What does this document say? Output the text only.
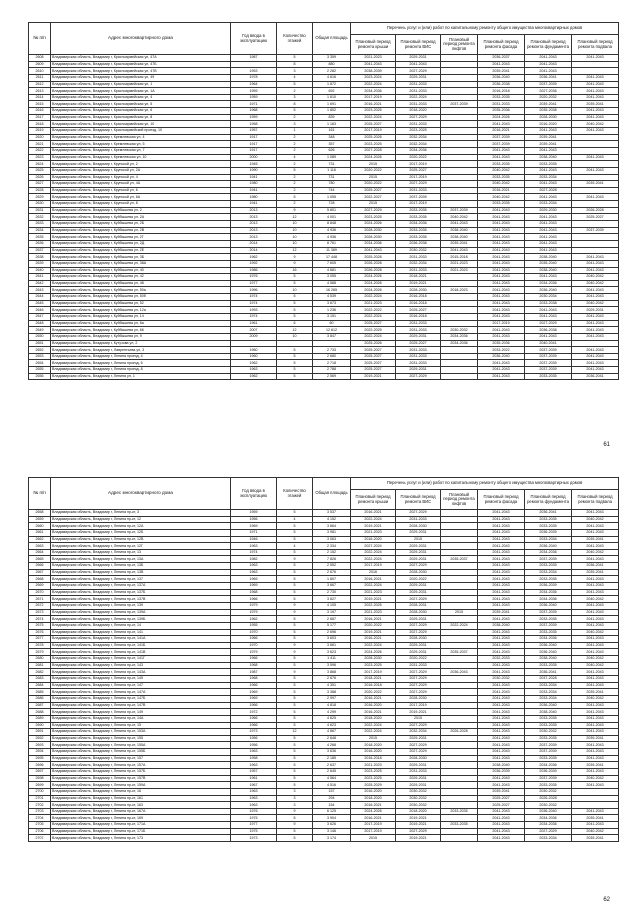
№ п/п	Адрес многоквартирного дома	Год ввода в эксплуатацию	Количество этажей	Общая площадь	Перечень услуг и (или) работ по капитальному ремонту общего имущества многоквартирных домов					
					Плановый период ремонта крыши	Плановый период ремонта ВИС	Плановый период ремонта лифтов	Плановый период ремонта фасада	Плановый период ремонта фундамента	Плановый период ремонта подвала
2608	Владимирская область, Владимир г, Красноармейская ул, 47А	1987	5	3 359	2021-2023	2029-2031		2036-2037	2041-2043	2041-2043
2609	Владимирская область, Владимир г, Красноармейская ул, 47Б		8	880	2041-2043	2041-2043		2041-2043	2041-2043	
2610	Владимирская область, Владимир г, Красноармейская ул, 47В	1953	3	2 282	2038-2039	2027-2029		2039-2041	2041-2043	
2611	Владимирская область, Владимир г, Красноармейская ул, 49	1978	4	4 616	2023-2024	2029-2031		2036-2040	2036-2041	2041-2043
2612	Владимирская область, Владимир г, Красноармейская ул, 1	1964	5	1 872	2022-2024	2031-2033		2036-2038	2037-2039	2041-2043
2613	Владимирская область, Владимир г, Красноармейская ул, 1А	1959	2	692	2034-2036	2031-2033		2016-2018	2027-2036	2041-2043
2614	Владимирская область, Владимир г, Красноармейская ул, 4	1959	3	1 610	2017-2019	2022-2024		2033-2035	2020-2032	2041-2043
2615	Владимирская область, Владимир г, Красноармейская ул, 5	1971	8	1 691	2016-2021	2031-2033	2037-2039	2031-2033	2039-2041	2039-2041
2616	Владимирская область, Владимир г, Красноармейская ул, 6	1968	5	1 852	2023-2025	2018-2020		2035-2036	2035-2038	2041-2043
2617	Владимирская область, Владимир г, Красноармейская ул, 8	1959	2	839	2022-2024	2027-2029		2024-2026	2028-2030	2041-2043
2618	Владимирская область, Владимир г, Красноармейская ул, 10	1958	3	1 163	2025-2027	2031-2033		2041-2043	2016-2020	2040-2042
2619	Владимирская область, Владимир г, Красноармейский проезд, 10	1957	1	161	2017-2019	2023-2025		2016-2021	2041-2043	2041-2043
2620	Владимирская область, Владимир г, Кремлевская ул, 4	1917	2	348	2025-2026	2032-2034		2037-2039	2039-2041	
2621	Владимирская область, Владимир г, Кремлевская ул, 5	1917	2	357	2023-2025	2032-2034		2037-2039	2039-2041	
2622	Владимирская область, Владимир г, Кремлевская ул, 7	1917	2	626	2027-2028	2034-2036		2041-2043	2041-2043	
2623	Владимирская область, Владимир г, Кремлевская ул, 10	2000	4	1 089	2024-2026	2020-2022		2041-2043	2038-2040	2041-2043
2624	Владимирская область, Владимир г, Крупской ул, 2	1945	2	731	2015	2017-2019		2033-2035	2033-2035	
2625	Владимирская область, Владимир г, Крупской ул, 2А	1990	5	1 116	2020-2022	2025-2027		2040-2042	2041-2043	2041-2043
2626	Владимирская область, Владимир г, Крупской ул, 4	1941	2	731	2015	2017-2019		2033-2035	2033-2034	
2627	Владимирская область, Владимир г, Крупской ул, 4А	1980	2	780	2020-2022	2027-2029		2040-2042	2041-2043	2039-2041
2628	Владимирская область, Владимир г, Крупской ул, 6	1941	2	744	2025-2027	2031-2033		2016-2021	2027-2028	
2629	Владимирская область, Владимир г, Крупской ул, 6А	1980	5	1 055	2022-2027	2037-2039		2040-2042	2041-2043	2041-2043
2630	Владимирская область, Владимир г, Крупской ул, 8	1941	2	728	2015	2017-2019		2033-2035	2033-2034	
2631	Владимирская область, Владимир г, Куйбышева ул, 2	2013	9	5 801	2027-2029	2033-2035	2037-2039	2041-2043	2029-2030	2026-2028
2632	Владимирская область, Владимир г, Куйбышева ул, 2А	2013	12	4 001	2023-2025	2033-2035	2040-2042	2041-2043	2041-2043	2025-2027
2633	Владимирская область, Владимир г, Куйбышева ул, 2Б	2013	10	8 848	2024-2026	2034-2036	2041-2043	2041-2043	2041-2043	
2634	Владимирская область, Владимир г, Куйбышева ул, 2В	2013	10	4 936	2028-2030	2033-2035	2038-2040	2041-2043	2041-2043	2037-2039
2635	Владимирская область, Владимир г, Куйбышева ул, 2Г	2013	10	4 936	2028-2030	2033-2035	2038-2040	2041-2043	2041-2043	
2636	Владимирская область, Владимир г, Куйбышева ул, 2Д	2014	10	8 761	2034-2036	2036-2038	2039-2041	2041-2043	2041-2043	
2637	Владимирская область, Владимир г, Куйбышева ул, 2Е	2014	12	11 389	2041-2043	2030-2032	2041-2043	2041-2043	2041-2043	
2638	Владимирская область, Владимир г, Куйбышева ул, 3Б	1962	9	17 448	2025-2028	2031-2033	2015-2018	2041-2043	2038-2040	2041-2043
2639	Владимирская область, Владимир г, Куйбышева ул, 38А	1992	9	7 605	2026-2028	2032-2034	2021-2023	2041-2043	2035-2040	2041-2043
2640	Владимирская область, Владимир г, Куйбышева ул, 40	1986	16	4 681	2026-2028	2031-2033	2021-2023	2041-2043	2038-2040	2041-2043
2641	Владимирская область, Владимир г, Куйбышева ул, 42	1976	5	3 055	2024-2026	2018-2021		2041-2043	2041-2043	2040-2042
2642	Владимирская область, Владимир г, Куйбышева ул, 48	1977	5	4 588	2024-2026	2019-2021		2041-2043	2034-2036	2040-2042
2643	Владимирская область, Владимир г, Куйбышева ул, 50а	1996	10	16 265	2024-2026	2028-2030	2018-2023	2041-2043	2036-2040	2041-2043
2644	Владимирская область, Владимир г, Куйбышева ул, 50б	1974	5	4 539	2022-2024	2016-2018		2041-2043	2030-2034	2041-2043
2645	Владимирская область, Владимир г, Куйбышева ул, 52	1974	5	3 673	2021-2023	2016-2018		2041-2043	2033-2038	2040-2042
2646	Владимирская область, Владимир г, Куйбышева ул, 12а	1993	5	1 236	2022-2022	2025-2027		2041-2043	2041-2043	2029-2031
2647	Владимирская область, Владимир г, Куйбышева ул, 14	1974	5	3 151	2022-2024	2016-2018		2041-2043	2041-2043	2041-2043
2648	Владимирская область, Владимир г, Куйбышева ул, 6а	1961	6	60	2025-2027	2031-2033		2017-2019	2027-2029	2041-2043
2649	Владимирская область, Владимир г, Куйбышева ул, 66	2007	12	12 612	2022-2025	2031-2033	2030-2032	2041-2043	2036-2038	2041-2043
2650	Владимирская область, Владимир г, Куйбышева ул, 9	2009	10	3 847	2022-2024	2029-2031	2034-2036	2041-2043	2041-2043	2041-2043
2651	Владимирская область, Владимир г, Кутузова ул, 2				2025-2026	2025-2027	2034-2036	2035-2036	2040-2041	
2652	Владимирская область, Владимир г, Лаврентьева ул, 3	1960	5	2 733	2025-2027	2031-2033		2033-2022	2037-2039	2041-2043
2653	Владимирская область, Владимир г, Ленина проезд, 4	1960	5	2 680	2025-2027	2031-2033		2036-2040	2037-2039	2041-2043
2654	Владимирская область, Владимир г, Ленина проезд, 6	1962	5	2 718	2025-2027	2031-2033		2041-2043	2037-2039	2041-2043
2655	Владимирская область, Владимир г, Ленина проезд, 8	1963	5	2 788	2025-2027	2029-2031		2041-2043	2037-2039	2041-2043
2656	Владимирская область, Владимир г, Ленина ул, 1	1962	5	2 569	2019-2021	2027-2029		2041-2043	2033-2035	2036-2041
61
№ п/п	Адрес многоквартирного дома	Год ввода в эксплуатацию	Количество этажей	Общая площадь	Перечень услуг и (или) работ по капитальному ремонту общего имущества многоквартирных домов					
					Плановый период ремонта крыши	Плановый период ремонта ВИС	Плановый период ремонта лифтов	Плановый период ремонта фасада	Плановый период ремонта фундамента	Плановый период ремонта подвала
2658	Владимирская область, Владимир г, Ленина пр-кт, 3	1959	5	3 537	2016-2021	2027-2029		2041-2043	2036-2041	2041-2043
2659	Владимирская область, Владимир г, Ленина пр-кт, 12	1956	4	4 152	2022-2024	2031-2033		2041-2043	2033-2035	2040-2042
2660	Владимирская область, Владимир г, Ленина пр-кт, 12А	1969	5	3 664	2019-2021	2028-2030		2041-2043	2033-2035	2041-2043
2661	Владимирская область, Владимир г, Ленина пр-кт, 12Б	1971	5	3 981	2021-2023	2029-2031		2041-2043	2036-2039	2041-2043
2662	Владимирская область, Владимир г, Ленина пр-кт, 12В	1946	5	3 063	2016-2020	2015		2041-2043	2033-2034	2039-2041
2663	Владимирская область, Владимир г, Ленина пр-кт, 12Г	1963	4	2 334	2027-2024	2029-2031		2041-2043	2036-2040	2041-2043
2664	Владимирская область, Владимир г, Ленина пр-кт, 13	1974	5	2 152	2022-2024	2029-2031		2041-2043	2034-2036	2040-2042
2665	Владимирская область, Владимир г, Ленина пр-кт, 13А	1982	9	7 826	2022-2024	2029-2031	2035-2037	2041-2043	2037-2039	2041-2043
2666	Владимирская область, Владимир г, Ленина пр-кт, 13Б	1963	5	2 552	2017-2019	2027-2029		2041-2043	2033-2035	2036-2041
2667	Владимирская область, Владимир г, Ленина пр-кт, 13В	1963	5	2 676	2016	2028-2030		2041-2043	2033-2034	2039-2041
2668	Владимирская область, Владимир г, Ленина пр-кт, 137	1969	5	1 807	2016-2021	2020-2022		2041-2043	2033-2035	2041-2043
2669	Владимирская область, Владимир г, Ленина пр-кт, 137А	1969	5	3 667	2022-2024	2029-2031		2041-2043	2036-2039	2041-2043
2670	Владимирская область, Владимир г, Ленина пр-кт, 137Б	1968	5	2 730	2021-2023	2029-2031		2041-2043	2034-2036	2041-2043
2671	Владимирская область, Владимир г, Ленина пр-кт, 137В	1966	5	3 627	2019-2021	2027-2029		2041-2043	2034-2036	2040-2042
2672	Владимирская область, Владимир г, Ленина пр-кт, 139	1979	9	4 105	2022-2025	2028-2031		2041-2043	2036-2040	2041-2043
2673	Владимирская область, Владимир г, Ленина пр-кт, 139А	1979	9	3 197	2021-2023	2028-2030	2015	2039-2041	2037-2039	2041-2043
2674	Владимирская область, Владимир г, Ленина пр-кт, 139Б	1962	5	2 687	2016-2021	2029-2031		2041-2043	2033-2035	2041-2043
2675	Владимирская область, Владимир г, Ленина пр-кт, 14	1955	5	5 177	2020-2022	2027-2029	2022-2024	2038-2040	2037-2039	2041-2043
2676	Владимирская область, Владимир г, Ленина пр-кт, 141	1970	5	2 696	2019-2021	2027-2029		2041-2043	2033-2035	2040-2042
2677	Владимирская область, Владимир г, Ленина пр-кт, 141А	1966	5	3 603	2016-2021	2028-2030		2041-2043	2034-2036	2041-2043
2678	Владимирская область, Владимир г, Ленина пр-кт, 141Б	1970	9	3 661	2022-2024	2029-2031		2041-2043	2036-2040	2041-2043
2679	Владимирская область, Владимир г, Ленина пр-кт, 141В	1979	9	3 623	2024-2026	2029-2031	2035-2037	2041-2043	2036-2040	2041-2043
2680	Владимирская область, Владимир г, Ленина пр-кт, 141Г	1966	5	1 411	2028-2030	2020-2022		2032-2033	2038-2040	2040-2042
2681	Владимирская область, Владимир г, Ленина пр-кт, 143	1968	5	3 596	2023-2025	2031-2033		2041-2043	2033-2035	2040-2042
2682	Владимирская область, Владимир г, Ленина пр-кт, 143А	1987	9	3 868	2017-2019	2027-2029	2036-2043	2041-2043	2036-2041	2041-2043
2683	Владимирская область, Владимир г, Ленина пр-кт, 145	1968	5	2 676	2018-2021	2027-2029		2030-2032	2037-2028	2041-2043
2684	Владимирская область, Владимир г, Ленина пр-кт, 147	1966	5	4 351	2016-2018	2027-2029		2041-2043	2033-2034	2041-2043
2685	Владимирская область, Владимир г, Ленина пр-кт, 147А	1969	5	3 388	2020-2022	2027-2029		2041-2043	2033-2034	2039-2041
2686	Владимирская область, Владимир г, Ленина пр-кт, 147Б	1969	5	2 997	2016-2021	2028-2030		2041-2043	2033-2034	2040-2042
2687	Владимирская область, Владимир г, Ленина пр-кт, 147В	1966	5	4 818	2016-2020	2017-2019		2041-2043	2036-2040	2041-2043
2688	Владимирская область, Владимир г, Ленина пр-кт, 149	1972	5	4 299	2016-2021	2019-2021		2041-2043	2038-2040	2041-2043
2689	Владимирская область, Владимир г, Ленина пр-кт, 14А	1966	5	4 625	2018-2020	2015		2041-2043	2033-2035	2041-2043
2690	Владимирская область, Владимир г, Ленина пр-кт, 15	1966	5	4 623	2022-2024	2027-2029		2041-2043	2033-2035	2041-2043
2691	Владимирская область, Владимир г, Ленина пр-кт, 153А	1973	12	4 867	2022-2024	2032-2034	2026-2028	2041-2043	2030-2032	2041-2043
2692	Владимирская область, Владимир г, Ленина пр-кт, 155	1956	5	2 648	2015	2029-2031		2041-2043	2033-2035	2039-2041
2693	Владимирская область, Владимир г, Ленина пр-кт, 155А	1956	5	4 268	2018-2020	2027-2029		2041-2043	2037-2039	2041-2043
2694	Владимирская область, Владимир г, Ленина пр-кт, 155Б	1963	5	3 636	2016-2020	2027-2029		2041-2043	2037-2039	2041-2043
2695	Владимирская область, Владимир г, Ленина пр-кт, 157	1958	5	2 185	2016-2018	2028-2030		2041-2043	2033-2035	2041-2043
2696	Владимирская область, Владимир г, Ленина пр-кт, 157А	1963	5	2 637	2021-2023	2029-2031		2038-2040	2034-2036	2039-2041
2697	Владимирская область, Владимир г, Ленина пр-кт, 157Б	1957	5	2 645	2023-2025	2031-2033		2036-2039	2036-2039	2041-2043
2698	Владимирская область, Владимир г, Ленина пр-кт, 157В	1961	5	4 564	2023-2025	2029-2031		2041-2043	2037-2039	2040-2042
2699	Владимирская область, Владимир г, Ленина пр-кт, 159А	1967	5	4 516	2025-2029	2029-2031		2041-2043	2033-2035	2041-2043
2700	Владимирская область, Владимир г, Ленина пр-кт, 16	1963	3	157	2016-2020	2030-2032		2039-2041	2030-2032	
2701	Владимирская область, Владимир г, Ленина пр-кт, 161	1963	3	294	2018-2020	2030-2032		2025-2027	2026-2028	
2702	Владимирская область, Владимир г, Ленина пр-кт, 163	1963	3	154	2016-2021	2030-2032		2025-2027	2030-2032	
2703	Владимирская область, Владимир г, Ленина пр-кт, 167А	1976	9	6 125	2024-2026	2018-2020	2033-2035	2041-2043	2036-2040	2041-2043
2704	Владимирская область, Владимир г, Ленина пр-кт, 169	1975	5	3 904	2016-2021	2019-2021		2041-2043	2034-2036	2039-2041
2705	Владимирская область, Владимир г, Ленина пр-кт, 171А	1977	9	3 626	2017-2019	2019-2021	2033-2035	2041-2043	2034-2036	2041-2043
2706	Владимирская область, Владимир г, Ленина пр-кт, 171Б	1975	5	3 146	2017-2019	2027-2029		2041-2043	2027-2029	2040-2042
2707	Владимирская область, Владимир г, Ленина пр-кт, 173	1973	5	3 174	2015	2019-2021		2041-2043	2033-2034	2039-2041
62
